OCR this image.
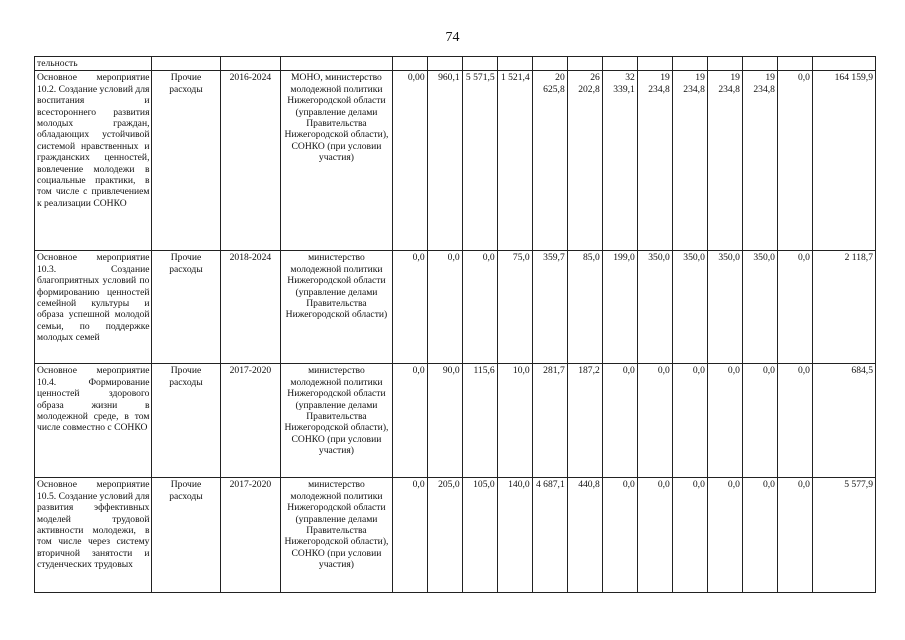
74
тельность																
Основное мероприятие 10.2. Создание условий для воспитания и всестороннего развития молодых граждан, обладающих устойчивой системой нравственных и гражданских ценностей, вовлечение молодежи в социальные практики, в том числе с привлечением к реализации СОНКО	Прочие расходы	2016-2024	МОНО, министерство молодежной политики Нижегородской области (управление делами Правительства Нижегородской области), СОНКО (при условии участия)	0,00	960,1	5 571,5	1 521,4	20 625,8	26 202,8	32 339,1	19 234,8	19 234,8	19 234,8	19 234,8	0,0	164 159,9
Основное мероприятие 10.3. Создание благоприятных условий по формированию ценностей семейной культуры и образа успешной молодой семьи, по поддержке молодых семей	Прочие расходы	2018-2024	министерство молодежной политики Нижегородской области (управление делами Правительства Нижегородской области)	0,0	0,0	0,0	75,0	359,7	85,0	199,0	350,0	350,0	350,0	350,0	0,0	2 118,7
Основное мероприятие 10.4. Формирование ценностей здорового образа жизни в молодежной среде, в том числе совместно с СОНКО	Прочие расходы	2017-2020	министерство молодежной политики Нижегородской области (управление делами Правительства Нижегородской области), СОНКО (при условии участия)	0,0	90,0	115,6	10,0	281,7	187,2	0,0	0,0	0,0	0,0	0,0	0,0	684,5
Основное мероприятие 10.5. Создание условий для развития эффективных моделей трудовой активности молодежи, в том числе через систему вторичной занятости и студенческих трудовых	Прочие расходы	2017-2020	министерство молодежной политики Нижегородской области (управление делами Правительства Нижегородской области), СОНКО (при условии участия)	0,0	205,0	105,0	140,0	4 687,1	440,8	0,0	0,0	0,0	0,0	0,0	0,0	5 577,9
